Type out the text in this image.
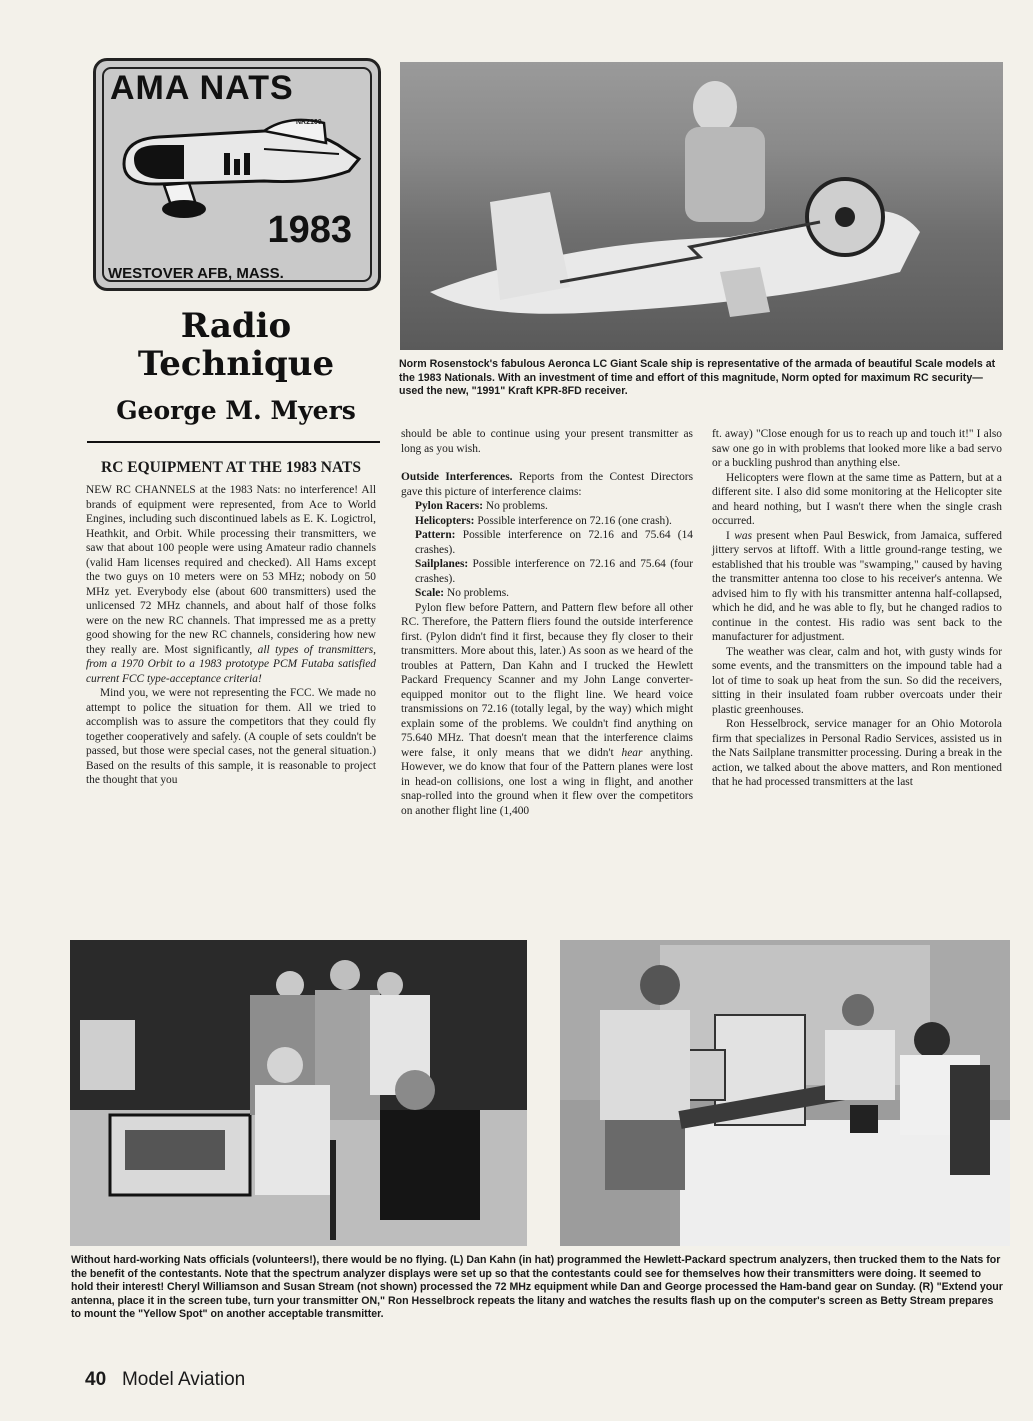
AMA NATS
NR2100
1983
WESTOVER AFB, MASS.
Norm Rosenstock's fabulous Aeronca LC Giant Scale ship is representative of the armada of beautiful Scale models at the 1983 Nationals. With an investment of time and effort of this magnitude, Norm opted for maximum RC security—used the new, "1991" Kraft KPR-8FD receiver.
Radio
Technique
George M. Myers
RC EQUIPMENT AT THE 1983 NATS

NEW RC CHANNELS at the 1983 Nats: no interference! All brands of equipment were represented, from Ace to World Engines, including such discontinued labels as E. K. Logictrol, Heathkit, and Orbit. While processing their transmitters, we saw that about 100 people were using Amateur radio channels (valid Ham licenses required and checked). All Hams except the two guys on 10 meters were on 53 MHz; nobody on 50 MHz yet. Everybody else (about 600 transmitters) used the unlicensed 72 MHz channels, and about half of those folks were on the new RC channels. That impressed me as a pretty good showing for the new RC channels, considering how new they really are. Most significantly, all types of transmitters, from a 1970 Orbit to a 1983 prototype PCM Futaba satisfied current FCC type-acceptance criteria!

Mind you, we were not representing the FCC. We made no attempt to police the situation for them. All we tried to accomplish was to assure the competitors that they could fly together cooperatively and safely. (A couple of sets couldn't be passed, but those were special cases, not the general situation.) Based on the results of this sample, it is reasonable to project the thought that you

should be able to continue using your present transmitter as long as you wish.

Outside Interferences. Reports from the Contest Directors gave this picture of interference claims:

Pylon Racers: No problems.

Helicopters: Possible interference on 72.16 (one crash).

Pattern: Possible interference on 72.16 and 75.64 (14 crashes).

Sailplanes: Possible interference on 72.16 and 75.64 (four crashes).

Scale: No problems.

Pylon flew before Pattern, and Pattern flew before all other RC. Therefore, the Pattern fliers found the outside interference first. (Pylon didn't find it first, because they fly closer to their transmitters. More about this, later.) As soon as we heard of the troubles at Pattern, Dan Kahn and I trucked the Hewlett Packard Frequency Scanner and my John Lange converter-equipped monitor out to the flight line. We heard voice transmissions on 72.16 (totally legal, by the way) which might explain some of the problems. We couldn't find anything on 75.640 MHz. That doesn't mean that the interference claims were false, it only means that we didn't hear anything. However, we do know that four of the Pattern planes were lost in head-on collisions, one lost a wing in flight, and another snap-rolled into the ground when it flew over the competitors on another flight line (1,400

ft. away) "Close enough for us to reach up and touch it!" I also saw one go in with problems that looked more like a bad servo or a buckling pushrod than anything else.

Helicopters were flown at the same time as Pattern, but at a different site. I also did some monitoring at the Helicopter site and heard nothing, but I wasn't there when the single crash occurred.

I was present when Paul Beswick, from Jamaica, suffered jittery servos at liftoff. With a little ground-range testing, we established that his trouble was "swamping," caused by having the transmitter antenna too close to his receiver's antenna. We advised him to fly with his transmitter antenna half-collapsed, which he did, and he was able to fly, but he changed radios to continue in the contest. His radio was sent back to the manufacturer for adjustment.

The weather was clear, calm and hot, with gusty winds for some events, and the transmitters on the impound table had a lot of time to soak up heat from the sun. So did the receivers, sitting in their insulated foam rubber overcoats under their plastic greenhouses.

Ron Hesselbrock, service manager for an Ohio Motorola firm that specializes in Personal Radio Services, assisted us in the Nats Sailplane transmitter processing. During a break in the action, we talked about the above matters, and Ron mentioned that he had processed transmitters at the last

Without hard-working Nats officials (volunteers!), there would be no flying. (L) Dan Kahn (in hat) programmed the Hewlett-Packard spectrum analyzers, then trucked them to the Nats for the benefit of the contestants. Note that the spectrum analyzer displays were set up so that the contestants could see for themselves how their transmitters were doing. It seemed to hold their interest! Cheryl Williamson and Susan Stream (not shown) processed the 72 MHz equipment while Dan and George processed the Ham-band gear on Sunday. (R) "Extend your antenna, place it in the screen tube, turn your transmitter ON," Ron Hesselbrock repeats the litany and watches the results flash up on the computer's screen as Betty Stream prepares to mount the "Yellow Spot" on another acceptable transmitter.
40 Model Aviation
